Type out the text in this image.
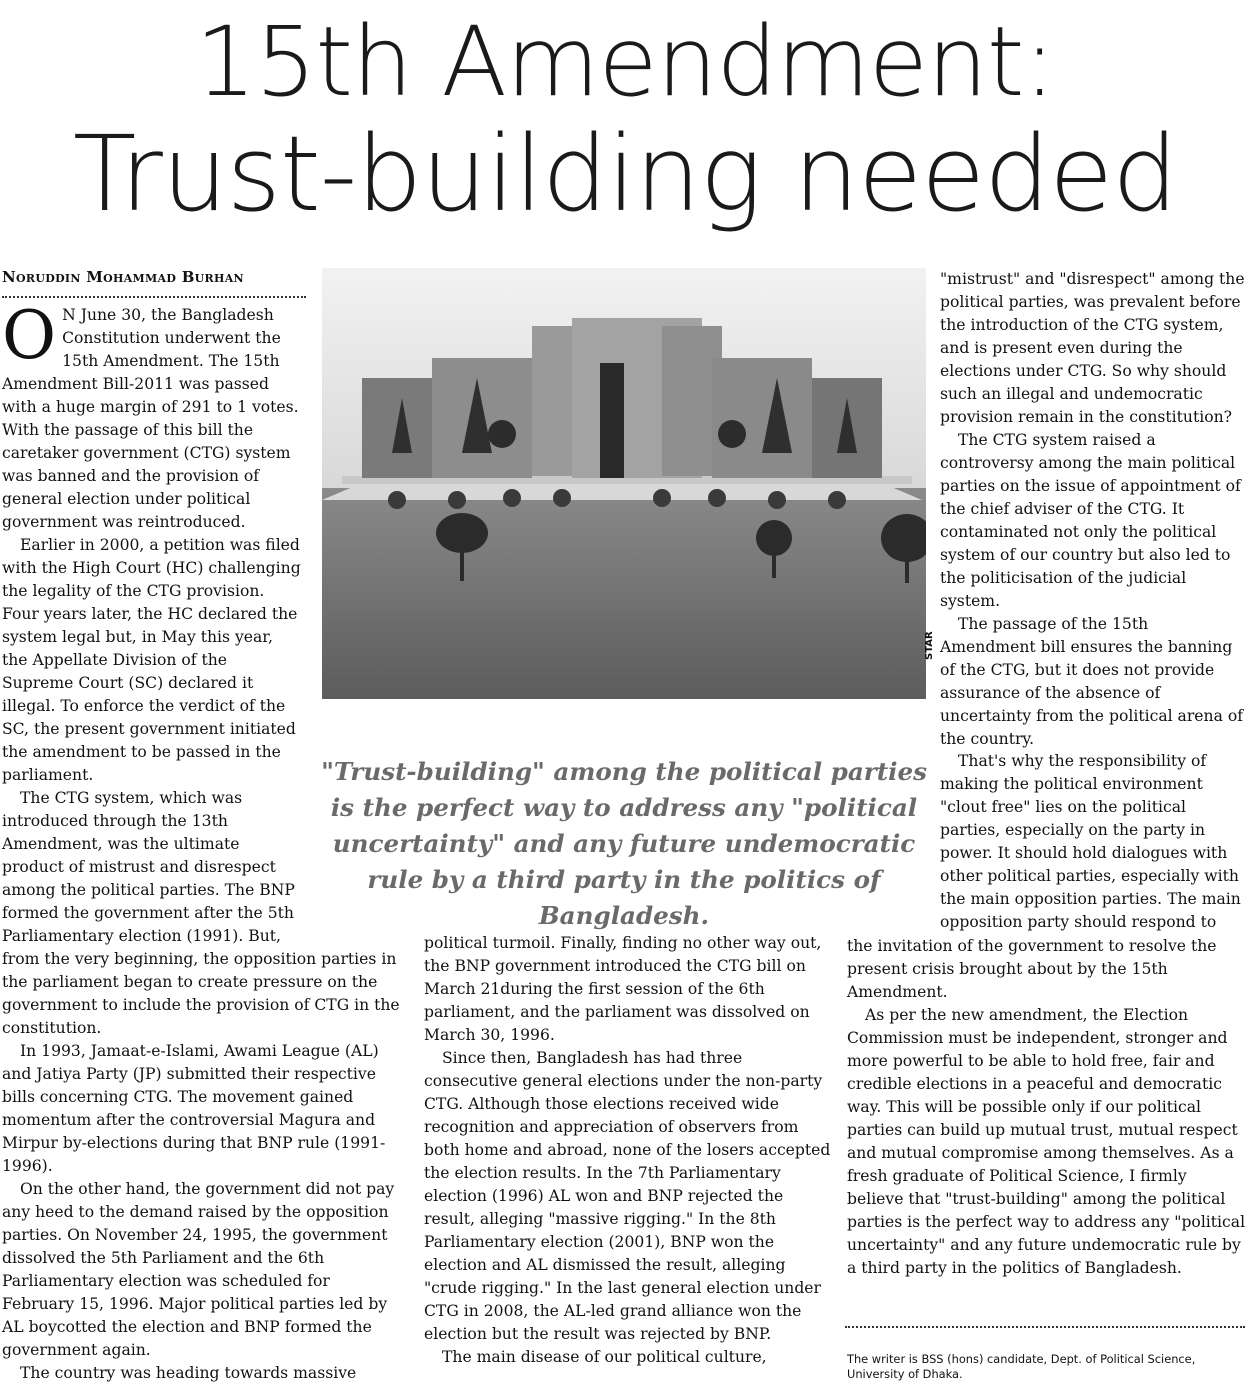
15th Amendment:
Trust-building needed
Noruddin Mohammad Burhan

O N June 30, the Bangladesh Constitution underwent the 15th Amendment. The 15th Amendment Bill-2011 was passed with a huge margin of 291 to 1 votes. With the passage of this bill the caretaker government (CTG) system was banned and the provision of general election under political government was reintroduced.

Earlier in 2000, a petition was filed with the High Court (HC) challenging the legality of the CTG provision. Four years later, the HC declared the system legal but, in May this year, the Appellate Division of the Supreme Court (SC) declared it illegal. To enforce the verdict of the SC, the present government initiated the amendment to be passed in the parliament.

The CTG system, which was introduced through the 13th Amendment, was the ultimate product of mistrust and disrespect among the political parties. The BNP formed the government after the 5th Parliamentary election (1991). But,

from the very beginning, the opposition parties in the parliament began to create pressure on the government to include the provision of CTG in the constitution.

In 1993, Jamaat-e-Islami, Awami League (AL) and Jatiya Party (JP) submitted their respective bills concerning CTG. The movement gained momentum after the controversial Magura and Mirpur by-elections during that BNP rule (1991-1996).

On the other hand, the government did not pay any heed to the demand raised by the opposition parties. On November 24, 1995, the government dissolved the 5th Parliament and the 6th Parliamentary election was scheduled for February 15, 1996. Major political parties led by AL boycotted the election and BNP formed the government again.

The country was heading towards massive

STAR
"Trust-building" among the political parties is the perfect way to address any "political uncertainty" and any future undemocratic rule by a third party in the politics of Bangladesh.

political turmoil. Finally, finding no other way out, the BNP government introduced the CTG bill on March 21during the first session of the 6th parliament, and the parliament was dissolved on March 30, 1996.

Since then, Bangladesh has had three consecutive general elections under the non-party CTG. Although those elections received wide recognition and appreciation of observers from both home and abroad, none of the losers accepted the election results. In the 7th Parliamentary election (1996) AL won and BNP rejected the result, alleging "massive rigging." In the 8th Parliamentary election (2001), BNP won the election and AL dismissed the result, alleging "crude rigging." In the last general election under CTG in 2008, the AL-led grand alliance won the election but the result was rejected by BNP.

The main disease of our political culture,

"mistrust" and "disrespect" among the political parties, was prevalent before the introduction of the CTG system, and is present even during the elections under CTG. So why should such an illegal and undemocratic provision remain in the constitution?

The CTG system raised a controversy among the main political parties on the issue of appointment of the chief adviser of the CTG. It contaminated not only the political system of our country but also led to the politicisation of the judicial system.

The passage of the 15th Amendment bill ensures the banning of the CTG, but it does not provide assurance of the absence of uncertainty from the political arena of the country.

That's why the responsibility of making the political environment "clout free" lies on the political parties, especially on the party in power. It should hold dialogues with other political parties, especially with the main opposition parties. The main opposition party should respond to

the invitation of the government to resolve the present crisis brought about by the 15th Amendment.

As per the new amendment, the Election Commission must be independent, stronger and more powerful to be able to hold free, fair and credible elections in a peaceful and democratic way. This will be possible only if our political parties can build up mutual trust, mutual respect and mutual compromise among themselves. As a fresh graduate of Political Science, I firmly believe that "trust-building" among the political parties is the perfect way to address any "political uncertainty" and any future undemocratic rule by a third party in the politics of Bangladesh.

The writer is BSS (hons) candidate, Dept. of Political Science, University of Dhaka.
